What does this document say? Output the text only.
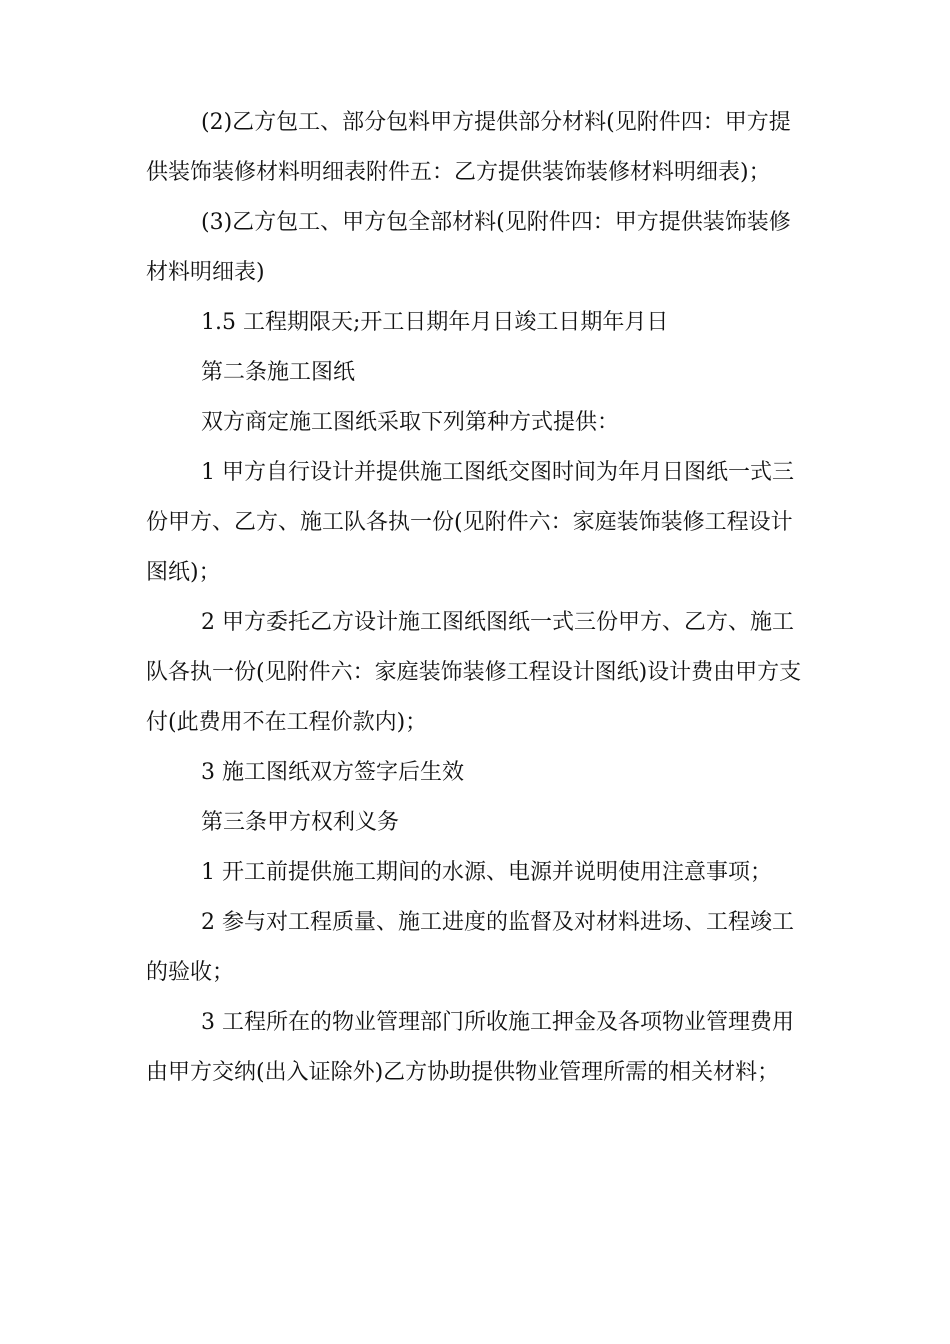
(2)乙方包工、部分包料甲方提供部分材料(见附件四：甲方提供装饰装修材料明细表附件五：乙方提供装饰装修材料明细表)；

(3)乙方包工、甲方包全部材料(见附件四：甲方提供装饰装修材料明细表)

1.5 工程期限天;开工日期年月日竣工日期年月日

第二条施工图纸

双方商定施工图纸采取下列第种方式提供：

1 甲方自行设计并提供施工图纸交图时间为年月日图纸一式三份甲方、乙方、施工队各执一份(见附件六：家庭装饰装修工程设计图纸)；

2 甲方委托乙方设计施工图纸图纸一式三份甲方、乙方、施工队各执一份(见附件六：家庭装饰装修工程设计图纸)设计费由甲方支付(此费用不在工程价款内)；

3 施工图纸双方签字后生效

第三条甲方权利义务

1 开工前提供施工期间的水源、电源并说明使用注意事项；

2 参与对工程质量、施工进度的监督及对材料进场、工程竣工的验收；

3 工程所在的物业管理部门所收施工押金及各项物业管理费用由甲方交纳(出入证除外)乙方协助提供物业管理所需的相关材料；
